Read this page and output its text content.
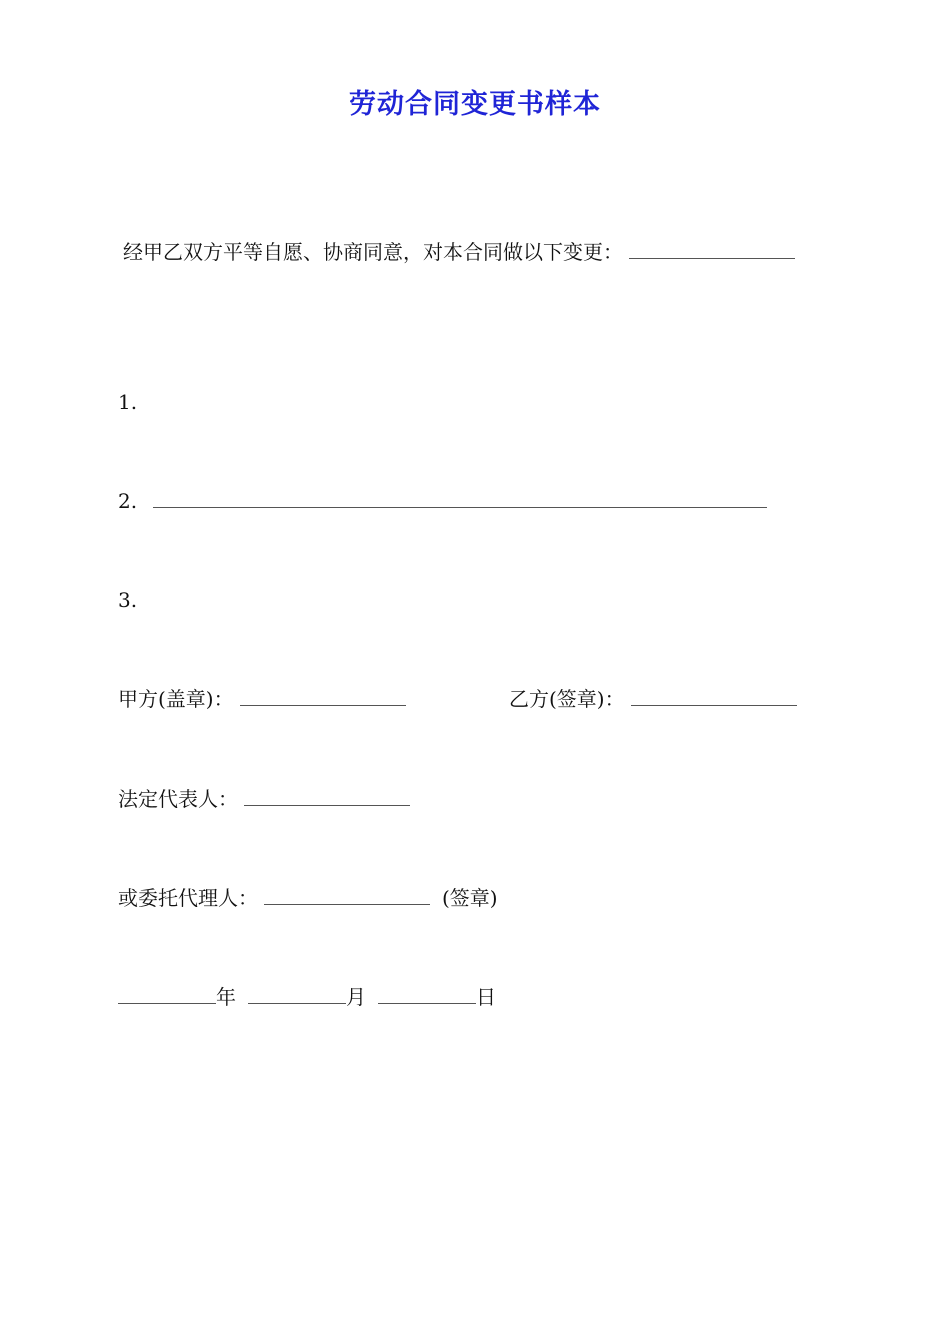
劳动合同变更书样本
经甲乙双方平等自愿、协商同意，对本合同做以下变更：
1.
2.
3.
甲方(盖章)：	乙方(签章)：
法定代表人：
或委托代理人：	(签章)
年	月	日
